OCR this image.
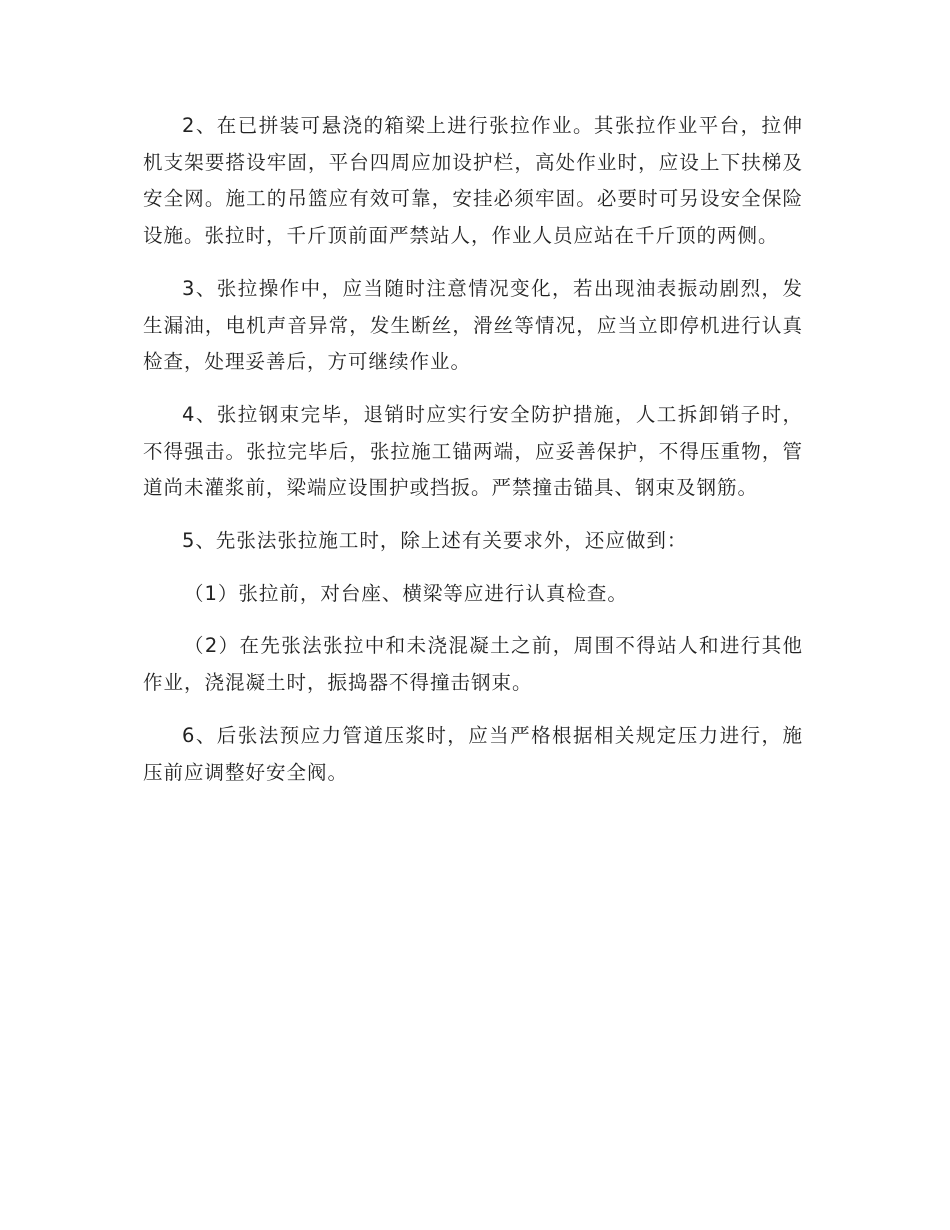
2、在已拼装可悬浇的箱梁上进行张拉作业。其张拉作业平台，拉伸机支架要搭设牢固，平台四周应加设护栏，高处作业时，应设上下扶梯及安全网。施工的吊篮应有效可靠，安挂必须牢固。必要时可另设安全保险设施。张拉时，千斤顶前面严禁站人，作业人员应站在千斤顶的两侧。

3、张拉操作中，应当随时注意情况变化，若出现油表振动剧烈，发生漏油，电机声音异常，发生断丝，滑丝等情况，应当立即停机进行认真检查，处理妥善后，方可继续作业。

4、张拉钢束完毕，退销时应实行安全防护措施，人工拆卸销子时，不得强击。张拉完毕后，张拉施工锚两端，应妥善保护，不得压重物，管道尚未灌浆前，梁端应设围护或挡扳。严禁撞击锚具、钢束及钢筋。

5、先张法张拉施工时，除上述有关要求外，还应做到：

（1）张拉前，对台座、横梁等应进行认真检查。

（2）在先张法张拉中和未浇混凝土之前，周围不得站人和进行其他作业，浇混凝土时，振捣器不得撞击钢束。

6、后张法预应力管道压浆时，应当严格根据相关规定压力进行，施压前应调整好安全阀。
